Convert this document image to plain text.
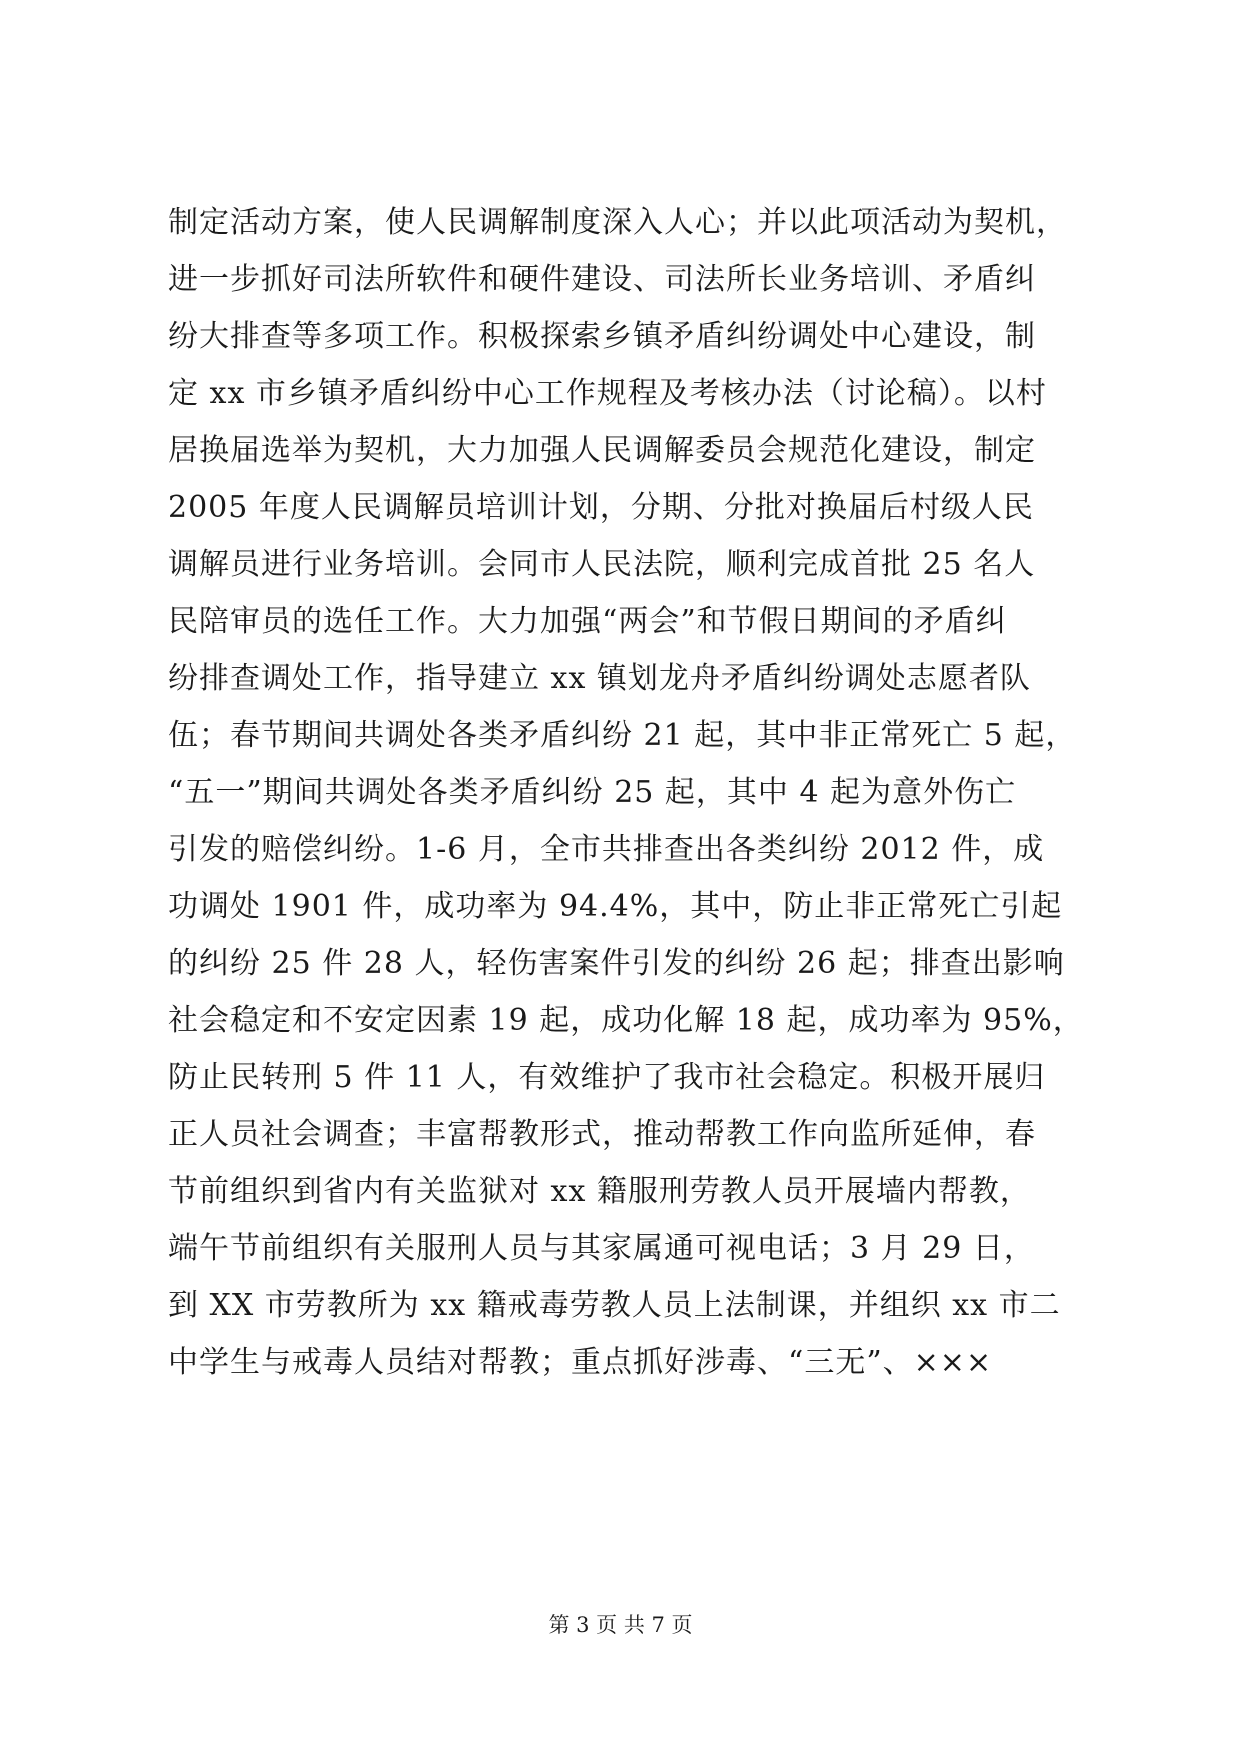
制定活动方案，使人民调解制度深入人心；并以此项活动为契机，
进一步抓好司法所软件和硬件建设、司法所长业务培训、矛盾纠
纷大排查等多项工作。积极探索乡镇矛盾纠纷调处中心建设，制
定 xx 市乡镇矛盾纠纷中心工作规程及考核办法（讨论稿）。以村
居换届选举为契机，大力加强人民调解委员会规范化建设，制定
2005 年度人民调解员培训计划，分期、分批对换届后村级人民
调解员进行业务培训。会同市人民法院，顺利完成首批 25 名人
民陪审员的选任工作。大力加强“两会”和节假日期间的矛盾纠
纷排查调处工作，指导建立 xx 镇划龙舟矛盾纠纷调处志愿者队
伍；春节期间共调处各类矛盾纠纷 21 起，其中非正常死亡 5 起，
“五一”期间共调处各类矛盾纠纷 25 起，其中 4 起为意外伤亡
引发的赔偿纠纷。1-6 月，全市共排查出各类纠纷 2012 件，成
功调处 1901 件，成功率为 94.4%，其中，防止非正常死亡引起
的纠纷 25 件 28 人，轻伤害案件引发的纠纷 26 起；排查出影响
社会稳定和不安定因素 19 起，成功化解 18 起，成功率为 95%，
防止民转刑 5 件 11 人，有效维护了我市社会稳定。积极开展归
正人员社会调查；丰富帮教形式，推动帮教工作向监所延伸，春
节前组织到省内有关监狱对 xx 籍服刑劳教人员开展墙内帮教，
端午节前组织有关服刑人员与其家属通可视电话；3 月 29 日，
到 XX 市劳教所为 xx 籍戒毒劳教人员上法制课，并组织 xx 市二
中学生与戒毒人员结对帮教；重点抓好涉毒、“三无”、×××
第 3 页 共 7 页
